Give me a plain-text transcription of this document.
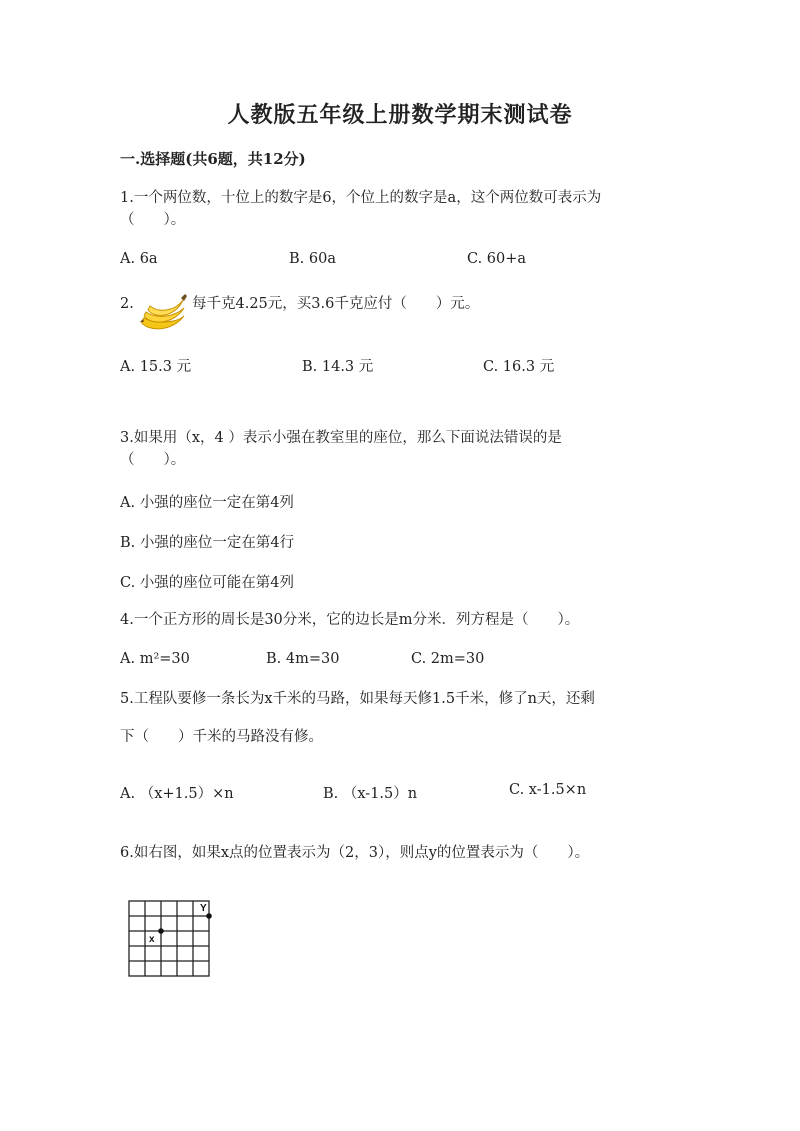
人教版五年级上册数学期末测试卷
一.选择题(共6题，共12分)
1.一个两位数，十位上的数字是6，个位上的数字是a，这个两位数可表示为
（　　）。
A. 6a	B. 60a	C. 60+a
2.	每千克4.25元，买3.6千克应付（　　）元。
A. 15.3 元	B. 14.3 元	C. 16.3 元
3.如果用（x，4 ）表示小强在教室里的座位，那么下面说法错误的是
（　　）。
A. 小强的座位一定在第4列
B. 小强的座位一定在第4行
C. 小强的座位可能在第4列
4.一个正方形的周长是30分米，它的边长是m分米．列方程是（　　）。
A. m²=30	B. 4m=30	C. 2m=30
5.工程队要修一条长为x千米的马路，如果每天修1.5千米，修了n天，还剩
下（　　）千米的马路没有修。
A. （x+1.5）×n	B. （x-1.5）n	C. x-1.5×n
6.如右图，如果x点的位置表示为（2，3），则点y的位置表示为（　　）。
x
Y
